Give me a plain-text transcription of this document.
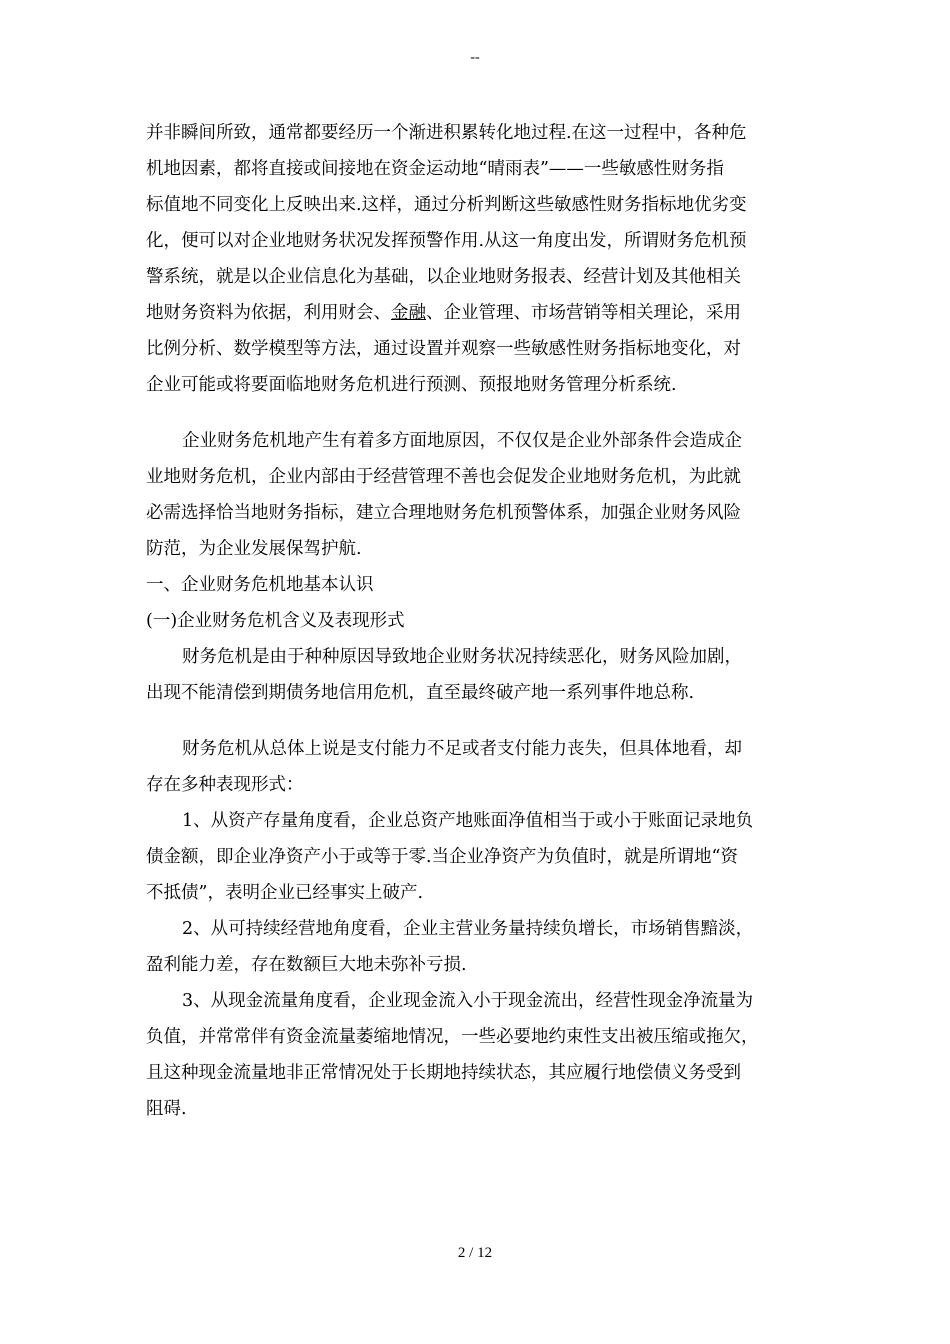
--
并非瞬间所致，通常都要经历一个渐进积累转化地过程.在这一过程中，各种危
机地因素，都将直接或间接地在资金运动地“晴雨表”——一些敏感性财务指
标值地不同变化上反映出来.这样，通过分析判断这些敏感性财务指标地优劣变
化，便可以对企业地财务状况发挥预警作用.从这一角度出发，所谓财务危机预
警系统，就是以企业信息化为基础，以企业地财务报表、经营计划及其他相关
地财务资料为依据，利用财会、金融、企业管理、市场营销等相关理论，采用
比例分析、数学模型等方法，通过设置并观察一些敏感性财务指标地变化，对
企业可能或将要面临地财务危机进行预测、预报地财务管理分析系统.
企业财务危机地产生有着多方面地原因，不仅仅是企业外部条件会造成企
业地财务危机，企业内部由于经营管理不善也会促发企业地财务危机，为此就
必需选择恰当地财务指标，建立合理地财务危机预警体系，加强企业财务风险
防范，为企业发展保驾护航.
一、企业财务危机地基本认识
(一)企业财务危机含义及表现形式
财务危机是由于种种原因导致地企业财务状况持续恶化，财务风险加剧，
出现不能清偿到期债务地信用危机，直至最终破产地一系列事件地总称.
财务危机从总体上说是支付能力不足或者支付能力丧失，但具体地看，却
存在多种表现形式：
1、从资产存量角度看，企业总资产地账面净值相当于或小于账面记录地负
债金额，即企业净资产小于或等于零.当企业净资产为负值时，就是所谓地“资
不抵债”，表明企业已经事实上破产.
2、从可持续经营地角度看，企业主营业务量持续负增长，市场销售黯淡，
盈利能力差，存在数额巨大地未弥补亏损.
3、从现金流量角度看，企业现金流入小于现金流出，经营性现金净流量为
负值，并常常伴有资金流量萎缩地情况，一些必要地约束性支出被压缩或拖欠，
且这种现金流量地非正常情况处于长期地持续状态，其应履行地偿债义务受到
阻碍.
2 / 12
